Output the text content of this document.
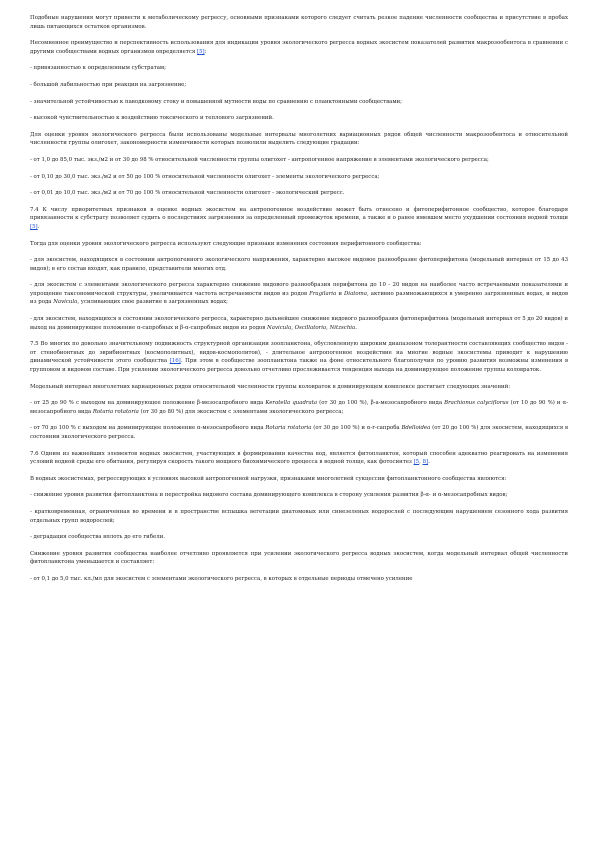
Подобные нарушения могут привести к метаболическому регрессу, основными признаками которого следует считать резкое падение численности сообщества и присутствие в пробах лишь питающихся остатков организмов.

Несомненное преимущество и перспективность использования для индикации уровня экологического регресса водных экосистем показателей развития макрозообентоса в сравнении с другими сообществами водных организмов определяется [5]:

- привязанностью к определенным субстратам;

- большой лабильностью при реакции на загрязнение;

- значительной устойчивостью к паводковому стоку и повышенной мутности воды по сравнению с планктонными сообществами;

- высокой чувствительностью к воздействию токсического и теплового загрязнений.

Для оценки уровня экологического регресса были использованы модельные интервалы многолетних вариационных рядов общей численности макрозообентоса и относительной численности группы олигохет, закономерности изменчивости которых позволили выделить следующие градации:

- от 1,0 до 85,0 тыс. экз./м2 и от 30 до 98 % относительной численности группы олигохет - антропогенное напряжение в элементами экологического регресса;

- от 0,10 до 30,0 тыс. экз./м2 и от 50 до 100 % относительной численности олигохет - элементы экологического регресса;

- от 0,01 до 10,0 тыс. экз./м2 и от 70 до 100 % относительной численности олигохет - экологический регресс.

7.4 К числу приоритетных признаков в оценке водных экосистем на антропогенное воздействие может быть отнесено и фитоперифитонное сообщество, которое благодаря привязанности к субстрату позволяет судить о последствиях загрязнения за определенный промежуток времени, а также и о ранее имевшем место ухудшении состояния водной толщи [5].

Тогда для оценки уровня экологического регресса используют следующие признаки изменения состояния перифитонного сообщества:

- для экосистем, находящихся в состоянии антропогенного экологического напряжения, характерно высокое видовое разнообразие фитоперифитона (модельный интервал от 15 до 43 видов); в его состав входят, как правило, представители многих отд.

- для экосистем с элементами экологического регресса характерно снижение видового разнообразия перифитона до 10 - 20 видов на наиболее часто встречаемыми показателями и упрощение таксономической структуры, увеличивается частота встречаемости видов из родов Fragilaria и Diatoma, активно размножающихся в умеренно загрязненных водах, и видов из рода Navicula, усиливающих свое развитие в загрязненных водах;

- для экосистем, находящихся в состоянии экологического регресса, характерно дальнейшее снижение видового разнообразия фитоперифитона (модельный интервал от 5 до 20 видов) и выход на доминирующее положение α-сапробных и β-α-сапробных видов из родов Navicula, Oscillatoria, Nitzschia.

7.5 Во многих по довольно значительному подвижность структурной организации зоопланктона, обусловленную широким диапазоном толерантности составляющих сообщество видов - от стенобионтных до эврибионтных (космополитных), видов-космополитов), - длительное антропогенное воздействие на многие водные экосистемы приводит к нарушению динамической устойчивости этого сообщества [16]. При этом в сообществе зоопланктона также на фоне относительного благополучия по уровню развития возможны изменения в групповом и видовом составе. При усилении экологического регресса довольно отчетливо прослеживается тенденция выхода на доминирующее положение группы коловраток.

Модельный интервал многолетних вариационных рядов относительной численности группы коловраток в доминирующем комплексе достигает следующих значений:

- от 25 до 90 % с выходом на доминирующее положение β-мезосапробного вида Keratella quadrata (от 30 до 100 %), β-а-мезосапробного вида Brachionus calyciflorus (от 10 до 90 %) и α-мезосапробного вида Rotaria rotatoria (от 30 до 80 %) для экосистем с элементами экологического регресса;

- от 70 до 100 % с выходом на доминирующее положение α-мезосапробного вида Rotaria rotatoria (от 30 до 100 %) и α-r-сапроба Bdelloidea (от 20 до 100 %) для экосистем, находящихся в состоянии экологического регресса.

7.6 Одним из важнейших элементов водных экосистем, участвующих в формировании качества вод, является фитопланктон, который способен адекватно реагировать на изменения условий водной среды его обитания, регулируя скорость такого мощного биохимического процесса в водной толще, как фотосинтез [5, 8].

В водных экосистемах, регрессирующих в условиях высокой антропогенной нагрузки, признаками многолетней сукцессии фитопланктонного сообщества являются:

- снижение уровня развития фитопланктона и перестройка видового состава доминирующего комплекса в сторону усиления развития β-α- и α-мезосапробных видов;

- кратковременная, ограниченная во времени и в пространстве вспышка вегетации диатомовых или синезеленых водорослей с последующим нарушением сезонного хода развития отдельных групп водорослей;

- деградация сообщества вплоть до его гибели.

Снижение уровня развития сообщества наиболее отчетливо проявляется при усилении экологического регресса водных экосистем, когда модельный интервал общей численности фитопланктона уменьшается и составляет:

- от 0,1 до 5,0 тыс. кл./мл для экосистем с элементами экологического регресса, в которых в отдельные периоды отмечено усиление
